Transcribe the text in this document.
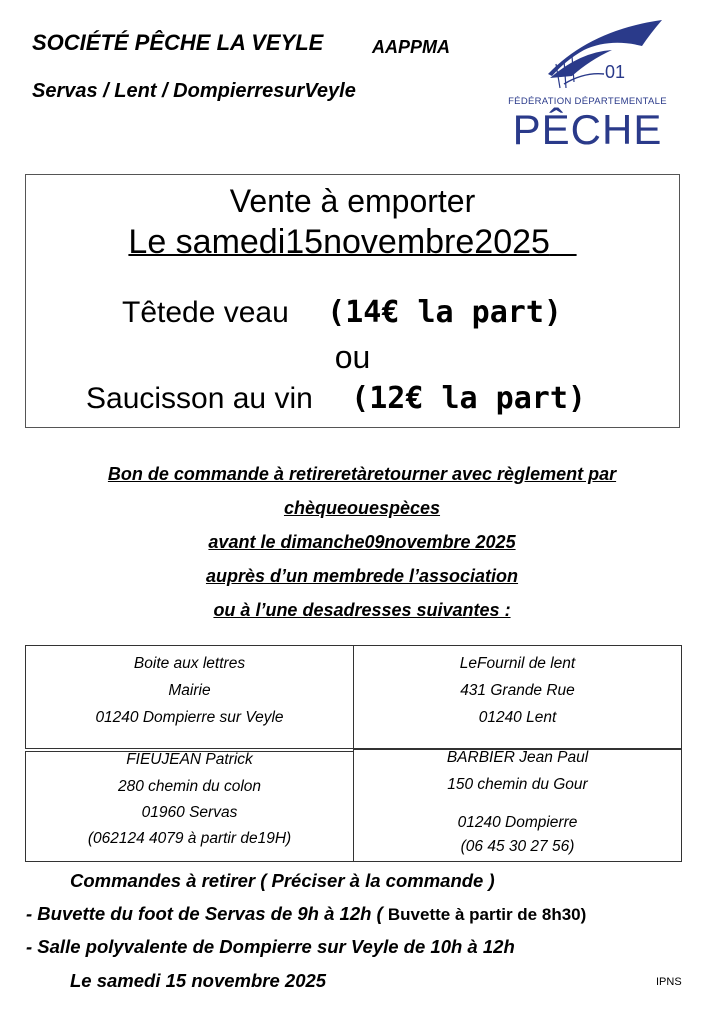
SOCIÉTÉ PÊCHE LA VEYLE	AAPPMA
Servas / Lent / DompierresurVeyle
01
FÉDÉRATION DÉPARTEMENTALE
PÊCHE
Vente à emporter
Le samedi15novembre2025
Têtede veau (14€ la part)
ou
Saucisson au vin (12€ la part)
Bon de commande à retireretàretourner avec règlement par
chèqueouespèces
avant le dimanche09novembre 2025
auprès d’un membrede l’association
ou à l’une desadresses suivantes :
Boite aux lettres
Mairie
01240 Dompierre sur Veyle
LeFournil de lent
431 Grande Rue
01240 Lent
FIEUJEAN Patrick
280 chemin du colon
01960 Servas
(062124 4079 à partir de19H)
BARBIER Jean Paul
150 chemin du Gour
01240 Dompierre
(06 45 30 27 56)
Commandes à retirer ( Préciser à la commande )
- Buvette du foot de Servas de 9h à 12h ( Buvette à partir de 8h30)
- Salle polyvalente de Dompierre sur Veyle de 10h à 12h
Le samedi 15 novembre 2025	IPNS
